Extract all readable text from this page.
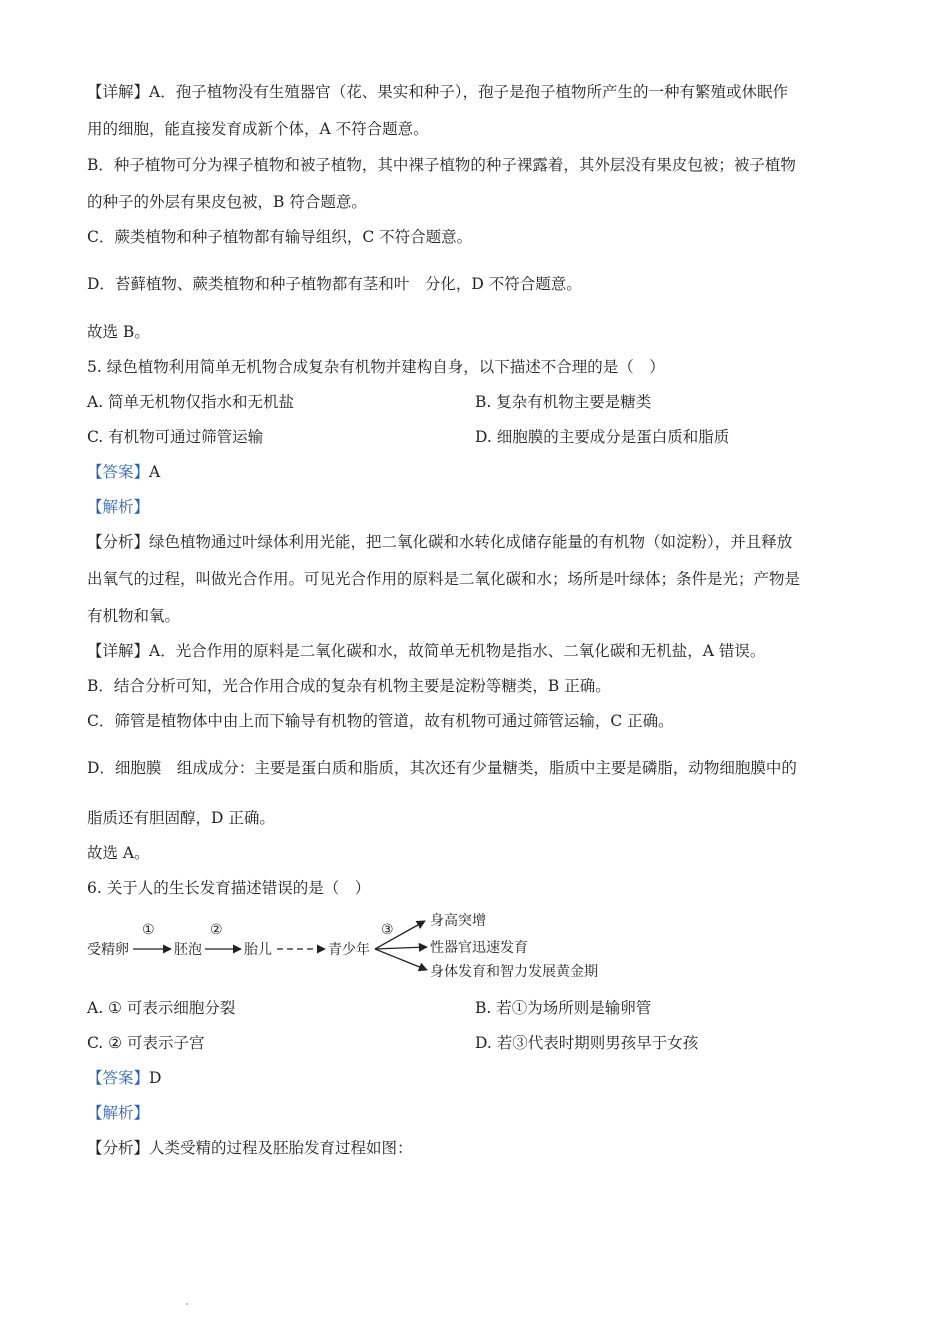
【详解】A．孢子植物没有生殖器官（花、果实和种子），孢子是孢子植物所产生的一种有繁殖或休眠作
用的细胞，能直接发育成新个体，A 不符合题意。
B．种子植物可分为裸子植物和被子植物，其中裸子植物的种子裸露着，其外层没有果皮包被；被子植物
的种子的外层有果皮包被，B 符合题意。
C．蕨类植物和种子植物都有输导组织，C 不符合题意。
D．苔藓植物、蕨类植物和种子植物都有茎和叶　分化，D 不符合题意。
故选 B。
5. 绿色植物利用简单无机物合成复杂有机物并建构自身，以下描述不合理的是（　）
A. 简单无机物仅指水和无机盐	B. 复杂有机物主要是糖类
C. 有机物可通过筛管运输	D. 细胞膜的主要成分是蛋白质和脂质
【答案】A
【解析】
【分析】绿色植物通过叶绿体利用光能，把二氧化碳和水转化成储存能量的有机物（如淀粉），并且释放
出氧气的过程，叫做光合作用。可见光合作用的原料是二氧化碳和水；场所是叶绿体；条件是光；产物是
有机物和氧。
【详解】A．光合作用的原料是二氧化碳和水，故简单无机物是指水、二氧化碳和无机盐，A 错误。
B．结合分析可知，光合作用合成的复杂有机物主要是淀粉等糖类，B 正确。
C．筛管是植物体中由上而下输导有机物的管道，故有机物可通过筛管运输，C 正确。
D．细胞膜　组成成分：主要是蛋白质和脂质，其次还有少量糖类，脂质中主要是磷脂，动物细胞膜中的
脂质还有胆固醇，D 正确。
故选 A。
6. 关于人的生长发育描述错误的是（　）
受精卵	胚泡	胎儿	青少年
①	②	③
身高突增
性器官迅速发育
身体发育和智力发展黄金期
A. ① 可表示细胞分裂	B. 若①为场所则是输卵管
C. ② 可表示子宫	D. 若③代表时期则男孩早于女孩
【答案】D
【解析】
【分析】人类受精的过程及胚胎发育过程如图：
